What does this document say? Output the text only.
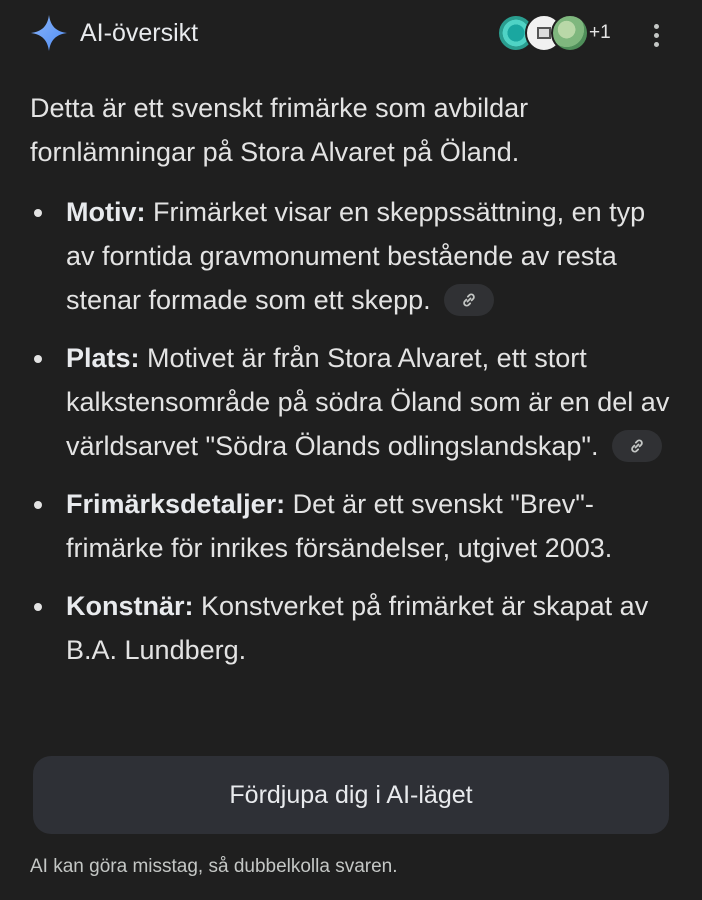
AI-översikt	+1
Detta är ett svenskt frimärke som avbildar fornlämningar på Stora Alvaret på Öland.
Motiv: Frimärket visar en skeppssättning, en typ av forntida gravmonument bestående av resta stenar formade som ett skepp.
Plats: Motivet är från Stora Alvaret, ett stort kalkstensområde på södra Öland som är en del av världsarvet "Södra Ölands odlingslandskap".
Frimärksdetaljer: Det är ett svenskt "Brev"-frimärke för inrikes försändelser, utgivet 2003.
Konstnär: Konstverket på frimärket är skapat av B.A. Lundberg.
Fördjupa dig i AI-läget
AI kan göra misstag, så dubbelkolla svaren.
